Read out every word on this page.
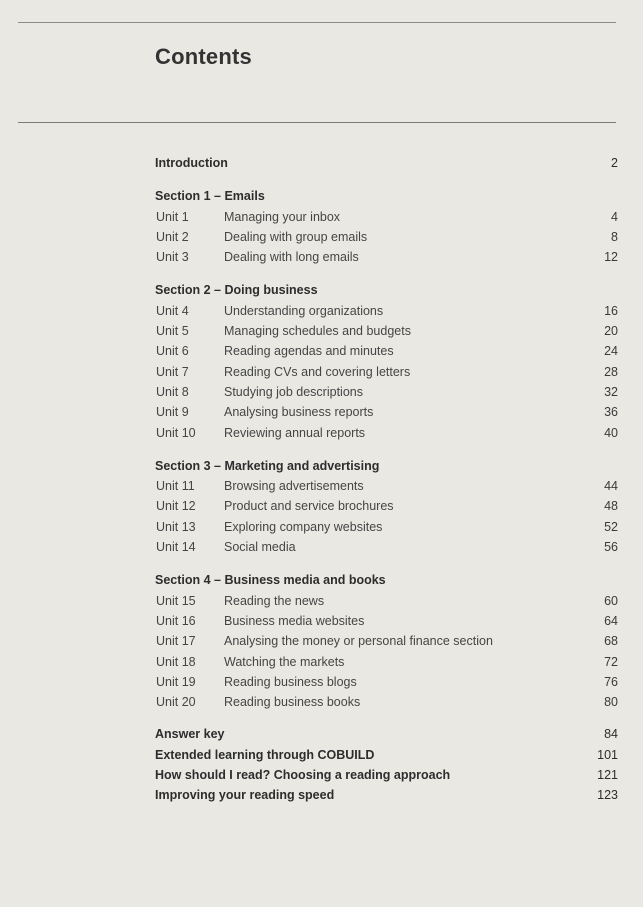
Contents
Introduction	2
Section 1 – Emails
Unit 1	Managing your inbox	4
Unit 2	Dealing with group emails	8
Unit 3	Dealing with long emails	12
Section 2 – Doing business
Unit 4	Understanding organizations	16
Unit 5	Managing schedules and budgets	20
Unit 6	Reading agendas and minutes	24
Unit 7	Reading CVs and covering letters	28
Unit 8	Studying job descriptions	32
Unit 9	Analysing business reports	36
Unit 10 Reviewing annual reports	40
Section 3 – Marketing and advertising
Unit 11 Browsing advertisements	44
Unit 12 Product and service brochures	48
Unit 13 Exploring company websites	52
Unit 14 Social media	56
Section 4 – Business media and books
Unit 15 Reading the news	60
Unit 16 Business media websites	64
Unit 17 Analysing the money or personal finance section	68
Unit 18 Watching the markets	72
Unit 19 Reading business blogs	76
Unit 20 Reading business books	80
Answer key	84
Extended learning through COBUILD	101
How should I read? Choosing a reading approach	121
Improving your reading speed	123
